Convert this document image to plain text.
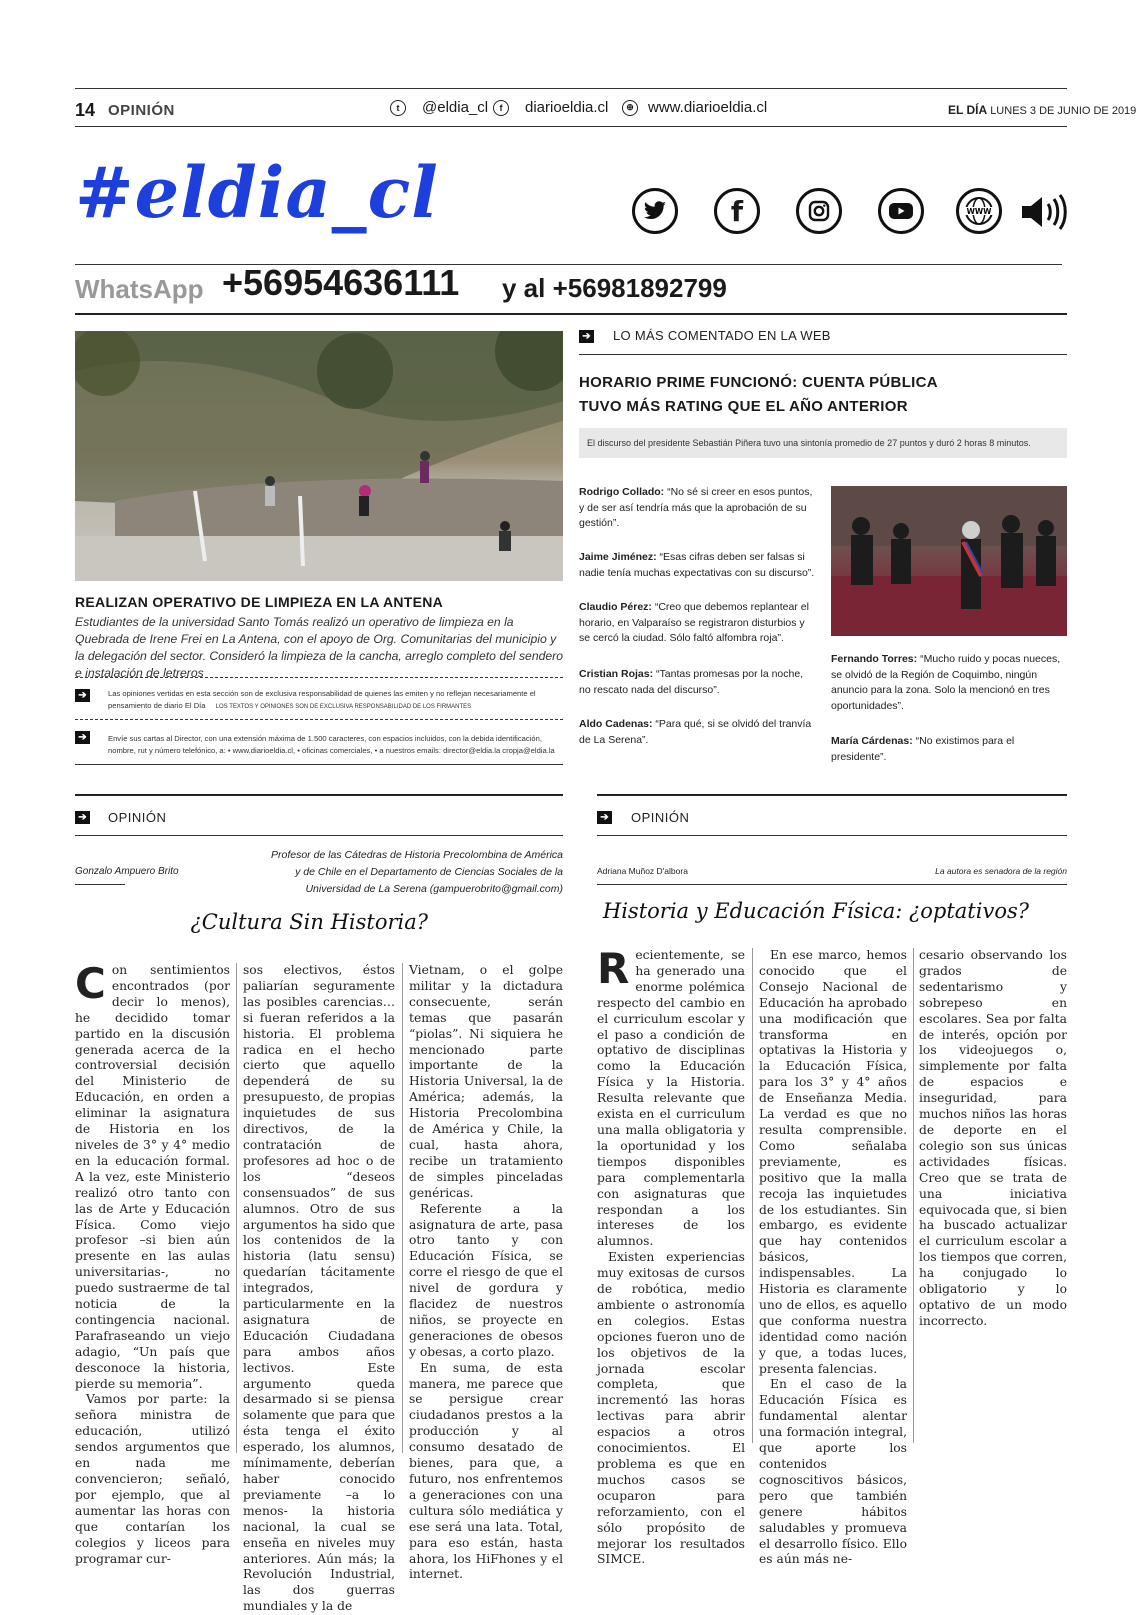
14 OPINIÓN	t	@eldia_cl	f	diarioeldia.cl	⊕ www.diarioeldia.cl	EL DÍA LUNES 3 DE JUNIO DE 2019
#eldia_cl	f	WWW
WhatsApp +56954636111 y al +56981892799
REALIZAN OPERATIVO DE LIMPIEZA EN LA ANTENA
Estudiantes de la universidad Santo Tomás realizó un operativo de limpieza en la Quebrada de Irene Frei en La Antena, con el apoyo de Org. Comunitarias del municipio y la delegación del sector. Consideró la limpieza de la cancha, arreglo completo del sendero e instalación de letreros
➔	Las opiniones vertidas en esta sección son de exclusiva responsabilidad de quienes las emiten y no reflejan necesariamente el pensamiento de diario El Día LOS TEXTOS Y OPINIONES SON DE EXCLUSIVA RESPONSABILIDAD DE LOS FIRMANTES
➔	Envíe sus cartas al Director, con una extensión máxima de 1.500 caracteres, con espacios incluidos, con la debida identificación, nombre, rut y número telefónico, a: • www.diarioeldia.cl, • oficinas comerciales, • a nuestros emails: director@eldia.la cropja@eldia.la
➔ LO MÁS COMENTADO EN LA WEB
HORARIO PRIME FUNCIONÓ: CUENTA PÚBLICA
TUVO MÁS RATING QUE EL AÑO ANTERIOR
El discurso del presidente Sebastián Piñera tuvo una sintonía promedio de 27 puntos y duró 2 horas 8 minutos.
Rodrigo Collado: “No sé si creer en esos puntos, y de ser así tendría más que la aprobación de su gestión”.
Jaime Jiménez: “Esas cifras deben ser falsas si nadie tenía muchas expectativas con su discurso”.
Claudio Pérez: “Creo que debemos replantear el horario, en Valparaíso se registraron disturbios y se cercó la ciudad. Sólo faltó alfombra roja”.
Cristian Rojas: “Tantas promesas por la noche, no rescato nada del discurso”.
Aldo Cadenas: “Para qué, si se olvidó del tranvía de La Serena”.
Fernando Torres: “Mucho ruido y pocas nueces, se olvidó de la Región de Coquimbo, ningún anuncio para la zona. Solo la mencionó en tres oportunidades”.
María Cárdenas: “No existimos para el presidente”.
➔ OPINIÓN
Gonzalo Ampuero Brito
Profesor de las Cátedras de Historia Precolombina de América y de Chile en el Departamento de Ciencias Sociales de la Universidad de La Serena (gampuerobrito@gmail.com)
¿Cultura Sin Historia?

Con sentimientos encontrados (por decir lo menos), he decidido tomar partido en la discusión generada acerca de la controversial decisión del Ministerio de Educación, en orden a eliminar la asignatura de Historia en los niveles de 3° y 4° medio en la educación formal. A la vez, este Ministerio realizó otro tanto con las de Arte y Educación Física. Como viejo profesor –si bien aún presente en las aulas universitarias-, no puedo sustraerme de tal noticia de la contingencia nacional. Parafraseando un viejo adagio, “Un país que desconoce la historia, pierde su memoria”.

Vamos por parte: la señora ministra de educación, utilizó sendos argumentos que en nada me convencieron; señaló, por ejemplo, que al aumentar las horas con que contarían los colegios y liceos para programar cur-

sos electivos, éstos paliarían seguramente las posibles carencias…si fueran referidos a la historia. El problema radica en el hecho cierto que aquello dependerá de su presupuesto, de propias inquietudes de sus directivos, de la contratación de profesores ad hoc o de los “deseos consensuados” de sus alumnos. Otro de sus argumentos ha sido que los contenidos de la historia (latu sensu) quedarían tácitamente integrados, particularmente en la asignatura de Educación Ciudadana para ambos años lectivos. Este argumento queda desarmado si se piensa solamente que para que ésta tenga el éxito esperado, los alumnos, mínimamente, deberían haber conocido previamente –a lo menos- la historia nacional, la cual se enseña en niveles muy anteriores. Aún más; la Revolución Industrial, las dos guerras mundiales y la de

Vietnam, o el golpe militar y la dictadura consecuente, serán temas que pasarán “piolas”. Ni siquiera he mencionado parte importante de la Historia Universal, la de América; además, la Historia Precolombina de América y Chile, la cual, hasta ahora, recibe un tratamiento de simples pinceladas genéricas.

Referente a la asignatura de arte, pasa otro tanto y con Educación Física, se corre el riesgo de que el nivel de gordura y flacidez de nuestros niños, se proyecte en generaciones de obesos y obesas, a corto plazo.

En suma, de esta manera, me parece que se persigue crear ciudadanos prestos a la producción y al consumo desatado de bienes, para que, a futuro, nos enfrentemos a generaciones con una cultura sólo mediática y ese será una lata. Total, para eso están, hasta ahora, los HiFhones y el internet.

➔ OPINIÓN
Adriana Muñoz D'albora	La autora es senadora de la región
Historia y Educación Física: ¿optativos?

Recientemente, se ha generado una enorme polémica respecto del cambio en el curriculum escolar y el paso a condición de optativo de disciplinas como la Educación Física y la Historia. Resulta relevante que exista en el curriculum una malla obligatoria y la oportunidad y los tiempos disponibles para complementarla con asignaturas que respondan a los intereses de los alumnos.

Existen experiencias muy exitosas de cursos de robótica, medio ambiente o astronomía en colegios. Estas opciones fueron uno de los objetivos de la jornada escolar completa, que incrementó las horas lectivas para abrir espacios a otros conocimientos. El problema es que en muchos casos se ocuparon para reforzamiento, con el sólo propósito de mejorar los resultados SIMCE.

En ese marco, hemos conocido que el Consejo Nacional de Educación ha aprobado una modificación que transforma en optativas la Historia y la Educación Física, para los 3° y 4° años de Enseñanza Media. La verdad es que no resulta comprensible. Como señalaba previamente, es positivo que la malla recoja las inquietudes de los estudiantes. Sin embargo, es evidente que hay contenidos básicos, indispensables. La Historia es claramente uno de ellos, es aquello que conforma nuestra identidad como nación y que, a todas luces, presenta falencias.

En el caso de la Educación Física es fundamental alentar una formación integral, que aporte los contenidos cognoscitivos básicos, pero que también genere hábitos saludables y promueva el desarrollo físico. Ello es aún más ne-

cesario observando los grados de sedentarismo y sobrepeso en escolares. Sea por falta de interés, opción por los videojuegos o, simplemente por falta de espacios e inseguridad, para muchos niños las horas de deporte en el colegio son sus únicas actividades físicas. Creo que se trata de una iniciativa equivocada que, si bien ha buscado actualizar el curriculum escolar a los tiempos que corren, ha conjugado lo obligatorio y lo optativo de un modo incorrecto.
